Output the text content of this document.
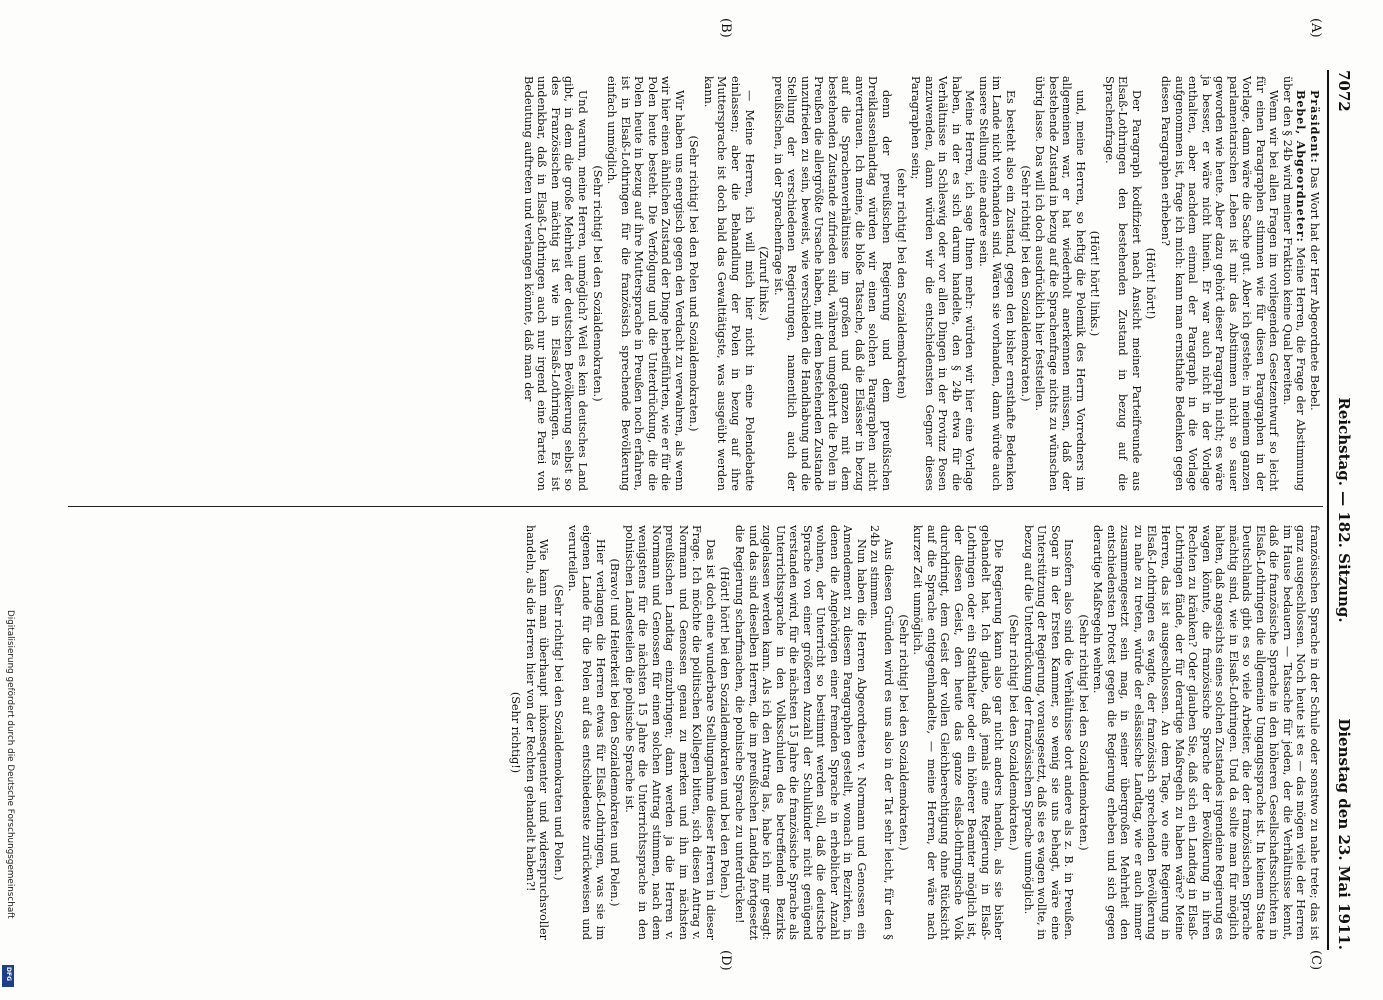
7072
Reichstag. — 182. Sitzung.
Dienstag den 23. Mai 1911.
(A)
(B)
(C)
(D)

Präsident: Das Wort hat der Herr Abgeordnete Bebel.

Bebel, Abgeordneter: Meine Herren, die Frage der Abstimmung über den § 24b wird meiner Fraktion keine Qual bereiten.

Wenn wir bei allen Fragen im vorliegenden Gesetzentwurf so leicht für einen Paragraphen stimmen wie für diesen Paragraphen in der Vorlage, dann wäre die Sache gut. Aber ich gestehe: in meinem ganzen parlamentarischen Leben ist mir das Abstimmen nicht so sauer geworden wie heute. Aber dazu gehört dieser Paragraph nicht; es wäre ja besser, er wäre nicht hinein. Er war auch nicht in der Vorlage enthalten, aber nachdem einmal der Paragraph in die Vorlage aufgenommen ist, frage ich mich: kann man ernsthafte Bedenken gegen diesen Paragraphen erheben?

(Hört! hört!)

Der Paragraph kodifiziert nach Ansicht meiner Parteifreunde aus Elsaß-Lothringen den bestehenden Zustand in bezug auf die Sprachenfrage.

(Hört! hört! links.)

und, meine Herren, so heftig die Polemik des Herrn Vorredners im allgemeinen war, er hat wiederholt anerkennen müssen, daß der bestehende Zustand in bezug auf die Sprachenfrage nichts zu wünschen übrig lasse. Das will ich doch ausdrücklich hier feststellen.

(Sehr richtig! bei den Sozialdemokraten.)

Es besteht also ein Zustand, gegen den bisher ernsthafte Bedenken im Lande nicht vorhanden sind. Wären sie vorhanden, dann würde auch unsere Stellung eine andere sein.

Meine Herren, ich sage Ihnen mehr: würden wir hier eine Vorlage haben, in der es sich darum handelte, den § 24b etwa für die Verhältnisse in Schleswig oder vor allen Dingen in der Provinz Posen anzuwenden, dann würden wir die entschiedensten Gegner dieses Paragraphen sein;

(sehr richtig! bei den Sozialdemokraten)

denn der preußischen Regierung und dem preußischen Dreiklassenlandtag würden wir einen solchen Paragraphen nicht anvertrauen. Ich meine, die bloße Tatsache, daß die Elsässer in bezug auf die Sprachenverhältnisse im großen und ganzen mit dem bestehenden Zustande zufrieden sind, während umgekehrt die Polen in Preußen die allergrößte Ursache haben, mit dem bestehenden Zustande unzufrieden zu sein, beweist, wie verschieden die Handhabung und die Stellung der verschiedenen Regierungen, namentlich auch der preußischen, in der Sprachenfrage ist.

(Zuruf links.)

— Meine Herren, ich will mich hier nicht in eine Polendebatte einlassen; aber die Behandlung der Polen in bezug auf ihre Muttersprache ist doch bald das Gewalttätigste, was ausgeübt werden kann.

(Sehr richtig! bei den Polen und Sozialdemokraten.)

Wir haben uns energisch gegen den Verdacht zu verwahren, als wenn wir hier einen ähnlichen Zustand der Dinge herbeiführten, wie er für die Polen heute besteht. Die Verfolgung und die Unterdrückung, die die Polen heute in bezug auf ihre Muttersprache in Preußen noch erfahren, ist in Elsaß-Lothringen für die französisch sprechende Bevölkerung einfach unmöglich.

(Sehr richtig! bei den Sozialdemokraten.)

Und warum, meine Herren, unmöglich? Weil es kein deutsches Land gibt, in dem die große Mehrheit der deutschen Bevölkerung selbst so des Französischen mächtig ist wie in Elsaß-Lothringen. Es ist undenkbar, daß in Elsaß-Lothringen auch nur irgend eine Partei von Bedeutung auftreten und verlangen könnte, daß man der

französischen Sprache in der Schule oder sonstwo zu nahe trete; das ist ganz ausgeschlossen. Noch heute ist es — das mögen viele der Herren im Hause bedauern — Tatsache für jeden, der die Verhältnisse kennt, daß die französische Sprache in den höheren Gesellschaftsschichten in Elsaß-Lothringen die allgemeine Umgangssprache ist. In keinem Staate Deutschlands gibt es so viele Arbeiter, die der französischen Sprache mächtig sind, wie in Elsaß-Lothringen. Und da sollte man für möglich halten, daß angesichts eines solchen Zustandes irgendeine Regierung es wagen könnte, die französische Sprache der Bevölkerung in ihren Rechten zu kränken? Oder glauben Sie, daß sich ein Landtag in Elsaß-Lothringen fände, der für derartige Maßregeln zu haben wäre? Meine Herren, das ist ausgeschlossen. An dem Tage, wo eine Regierung in Elsaß-Lothringen es wagte, der französisch sprechenden Bevölkerung zu nahe zu treten, würde der elsässische Landtag, wie er auch immer zusammengesetzt sein mag, in seiner übergroßen Mehrheit den entschiedensten Protest gegen die Regierung erheben und sich gegen derartige Maßregeln wehren.

(Sehr richtig! bei den Sozialdemokraten.)

Insofern also sind die Verhältnisse dort andere als z. B. in Preußen. Sogar in der Ersten Kammer, so wenig sie uns behagt, wäre eine Unterstützung der Regierung, vorausgesetzt, daß sie es wagen wollte, in bezug auf die Unterdrückung der französischen Sprache unmöglich.

(Sehr richtig! bei den Sozialdemokraten.)

Die Regierung kann also gar nicht anders handeln, als sie bisher gehandelt hat. Ich glaube, daß jemals eine Regierung in Elsaß-Lothringen oder ein Statthalter oder ein höherer Beamter möglich ist, der diesen Geist, den heute das ganze elsaß-lothringische Volk durchdringt, dem Geist der vollen Gleichberechtigung ohne Rücksicht auf die Sprache entgegenhandelte, — meine Herren, der wäre nach kurzer Zeit unmöglich.

(Sehr richtig! bei den Sozialdemokraten.)

Aus diesen Gründen wird es uns also in der Tat sehr leicht, für den § 24b zu stimmen.

Nun haben die Herren Abgeordneten v. Normann und Genossen ein Amendement zu diesem Paragraphen gestellt, wonach in Bezirken, in denen die Angehörigen einer fremden Sprache in erheblicher Anzahl wohnen, der Unterricht so bestimmt werden soll, daß die deutsche Sprache von einer größeren Anzahl der Schulkinder nicht genügend verstanden wird, für die nächsten 15 Jahre die französische Sprache als Unterrichtssprache in den Volksschulen des betreffenden Bezirks zugelassen werden kann. Als ich den Antrag las, habe ich mir gesagt: und das sind dieselben Herren, die im preußischen Landtag fortgesetzt die Regierung scharfmachen, die polnische Sprache zu unterdrücken!

(Hört! hört! bei den Sozialdemokraten und bei den Polen.)

Das ist doch eine wunderbare Stellungnahme dieser Herren in dieser Frage. Ich möchte die politischen Kollegen bitten, sich diesen Antrag v. Normann und Genossen genau zu merken und ihn im nächsten preußischen Landtag einzubringen; dann werden ja die Herren v. Normann und Genossen für einen solchen Antrag stimmen, nach dem wenigstens für die nächsten 15 Jahre die Unterrichtssprache in den polnischen Landesteilen die polnische Sprache ist.

(Bravo! und Heiterkeit bei den Sozialdemokraten und Polen.)

Hier verlangen die Herren etwas für Elsaß-Lothringen, was sie im eigenen Lande für die Polen auf das entschiedenste zurückweisen und verurteilen.

(Sehr richtig! bei den Sozialdemokraten und Polen.)

Wie kann man überhaupt inkonsequenter und widerspruchsvoller handeln, als die Herren hier von der Rechten gehandelt haben?!

(Sehr richtig!)

Digitalisierung gefördert durch die Deutsche Forschungsgemeinschaft
DFG
